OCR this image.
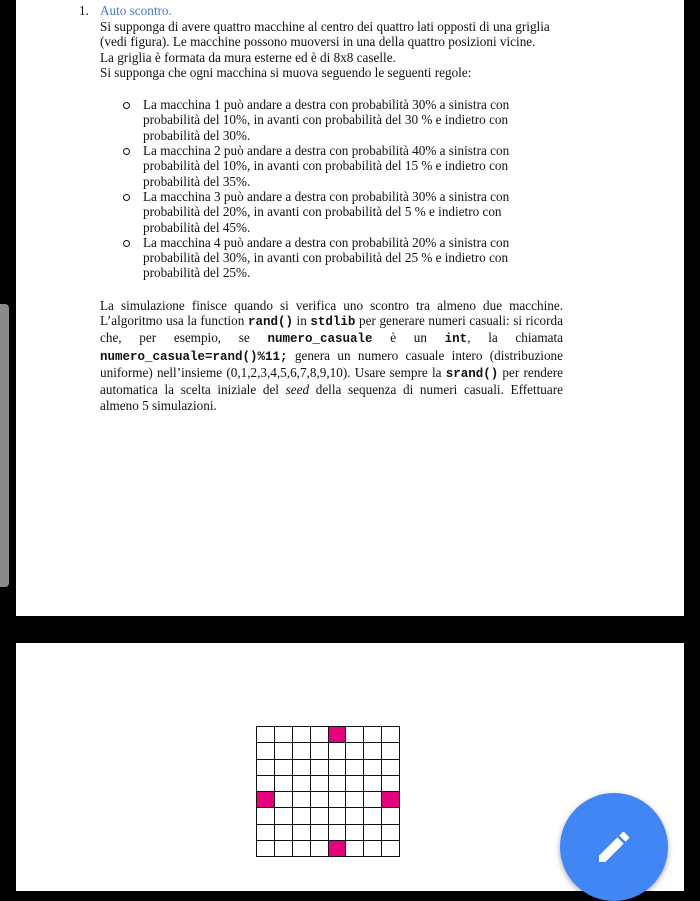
1. Auto scontro.
Si supponga di avere quattro macchine al centro dei quattro lati opposti di una griglia
(vedi figura). Le macchine possono muoversi in una della quattro posizioni vicine.
La griglia è formata da mura esterne ed è di 8x8 caselle.
Si supponga che ogni macchina si muova seguendo le seguenti regole:
La macchina 1 può andare a destra con probabilità 30% a sinistra con probabilità del 10%, in avanti con probabilità del 30 % e indietro con probabilità del 30%.
La macchina 2 può andare a destra con probabilità 40% a sinistra con probabilità del 10%, in avanti con probabilità del 15 % e indietro con probabilità del 35%.
La macchina 3 può andare a destra con probabilità 30% a sinistra con probabilità del 20%, in avanti con probabilità del 5 % e indietro con probabilità del 45%.
La macchina 4 può andare a destra con probabilità 20% a sinistra con probabilità del 30%, in avanti con probabilità del 25 % e indietro con probabilità del 25%.

La simulazione finisce quando si verifica uno scontro tra almeno due macchine. L’algoritmo usa la function rand() in stdlib per generare numeri casuali: si ricorda che, per esempio, se numero_casuale è un int, la chiamata numero_casuale=rand()%11; genera un numero casuale intero (distribuzione uniforme) nell’insieme (0,1,2,3,4,5,6,7,8,9,10). Usare sempre la srand() per rendere automatica la scelta iniziale del seed della sequenza di numeri casuali. Effettuare almeno 5 simulazioni.
